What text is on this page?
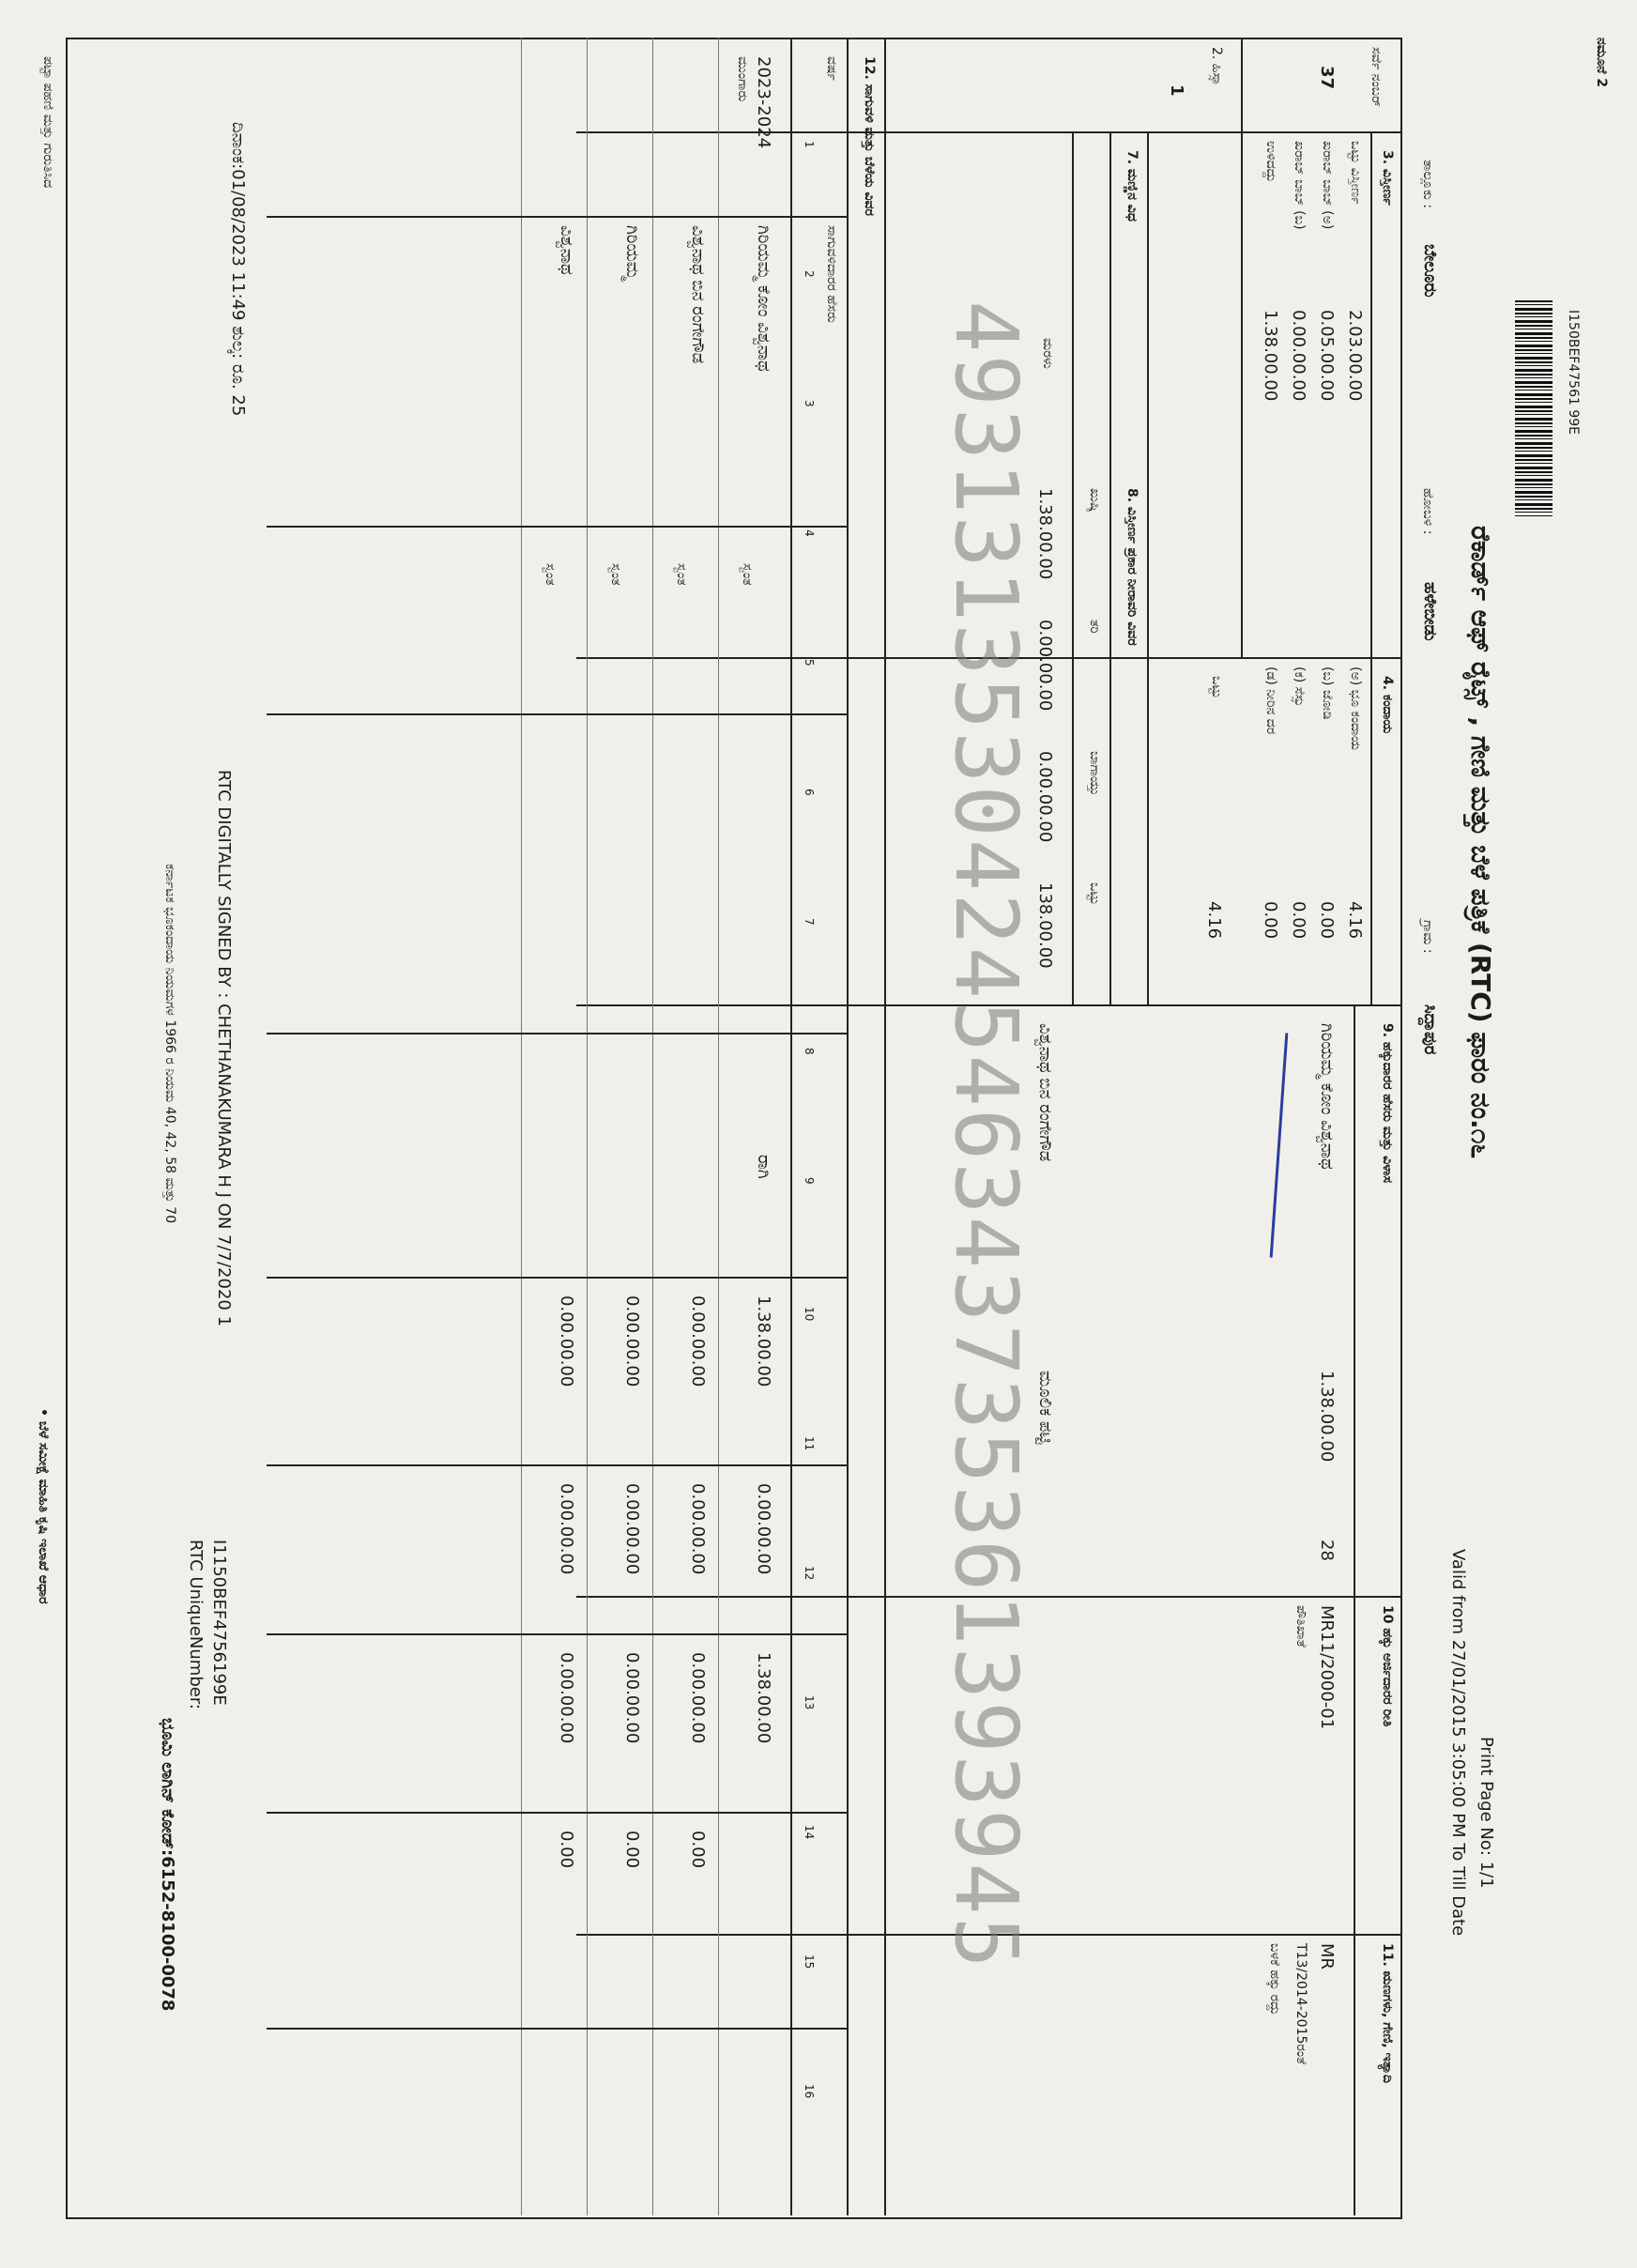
ನಮೂನೆ 2
I150BEF47561 99E
ರೆಕಾರ್ಡ್ ಆಫ್ ರೈಟ್ಸ್ , ಗೇಣಿ ಮತ್ತು ಬೆಳೆ ಪತ್ರಿಕೆ (RTC) ಫಾರಂ ನಂ.೧೬
Print Page No: 1/1
Valid from 27/01/2015 3:05:00 PM To Till Date
ತಾಲ್ಲೂಕು :
ಬೇಲೂರು
ಹೋಬಳಿ :
ಹಳೇಬೀಡು
ಗ್ರಾಮ :
ಸಿದ್ದಾಪುರ
ಸರ್ವೆ ನಂಬರ್
37
2. ಹಿಸ್ಸಾ
1
3. ವಿಸ್ತೀರ್ಣ
4. ಕಂದಾಯ
ಒಟ್ಟು
4.16
9. ಹಕ್ಕುದಾರರ ಹೆಸರು ಮತ್ತು ವಿಳಾಸ
ಗಿರಿಯಮ್ಮ ಕೋಂ ವಿಶ್ವನಾಥ
1.38.00.00
28
10 ಹಕ್ಕು ಅರ್ಜಿದಾರರ ರೀತಿ
MR11/2000-01
ಪೌತಿಖಾತೆ
11. ಋಣಗಳು, ಗೇಣಿ, ಇತ್ಯಾದಿ
MR
T13/2014-2015ರಂತೆ
ಬಳಕೆ ಹಕ್ಕು ರದ್ದು
7. ಮಣ್ಣಿನ ವಿಧ
8. ವಿಸ್ತೀರ್ಣ ಪ್ರಕಾರ ನೀರಾವರಿ ವಿವರ
ಮರಳು
ವಿಶ್ವನಾಥ ಬಿನ ರಂಗೇಗೌಡ
ಮೂಲಿಕ ಪಟ್ಟಿ
12. ಸಾಗುವಳಿ ಮತ್ತು ಬೆಳೆಯ ವಿವರ
ವರ್ಷ
2023-2024
ಮುಂಗಾರು
ಸಾಗುವಳಿದಾರರ ಹೆಸರು
ರಾಗಿ 4931313530424546343735361393945
ಪಟ್ಟಾ ಪಹಣಿ ಮತ್ತು ಗುರುತಿಸಿದ	ದಿನಾಂಕ:01/08/2023 11:49 ಶುಲ್ಕ: ರೂ. 25
RTC DIGITALLY SIGNED BY : CHETHANAKUMARA H J ON 7/7/2020 1
RTC UniqueNumber: I1150BEF4756199E
ಕರ್ನಾಟಕ ಭೂಕಂದಾಯ ನಿಯಮಗಳ 1966 ರ ನಿಯಮ 40, 42, 58 ಮತ್ತು 70
ಭೂಮಿ ಲಾಗಿನ್ ಕೋಡ್:6152-8100-0078
• ಬೆಳೆ ಸಮೀಕ್ಷೆ ಮಾಹಿತಿ ಕೃಷಿ ಇಲಾಖೆ ಆಧಾರ
ಒಟ್ಟು ವಿಸ್ತೀರ್ಣ
2.03.00.00
ಖರಾಬ್ ಬಾಬ್ (ಅ)
0.05.00.00
ಖರಾಬ್ ಬಾಬ್ (ಬ)
0.00.00.00
ಉಳಿದದ್ದು
1.38.00.00
(ಅ) ಭೂ ಕಂದಾಯ
4.16
(ಬ) ಜೋಡಿ
0.00
(ಕ) ಸೆಸ್ಸು
0.00
(ಡ) ನೀರಿನ ದರ
0.00
ಖುಷ್ಕಿ
ತರಿ
ಬಾಗಾಯ್ತು
ಒಟ್ಟು
1.38.00.00
0.00.00.00
0.00.00.00
138.00.00
1
2
3
4
5
6
7
8
9
10
11
12
13
14
15
16
ಗಿರಿಯಮ್ಮ ಕೋಂ ವಿಶ್ವನಾಥ
ಸ್ವಂತ
1.38.00.00
0.00.00.00
1.38.00.00
ವಿಶ್ವನಾಥ ಬಿನ ರಂಗೇಗೌಡ
ಸ್ವಂತ
0.00.00.00
0.00.00.00
0.00.00.00
0.00
ಗಿರಿಯಮ್ಮ
ಸ್ವಂತ
0.00.00.00
0.00.00.00
0.00.00.00
0.00
ವಿಶ್ವನಾಥ
ಸ್ವಂತ
0.00.00.00
0.00.00.00
0.00.00.00
0.00
